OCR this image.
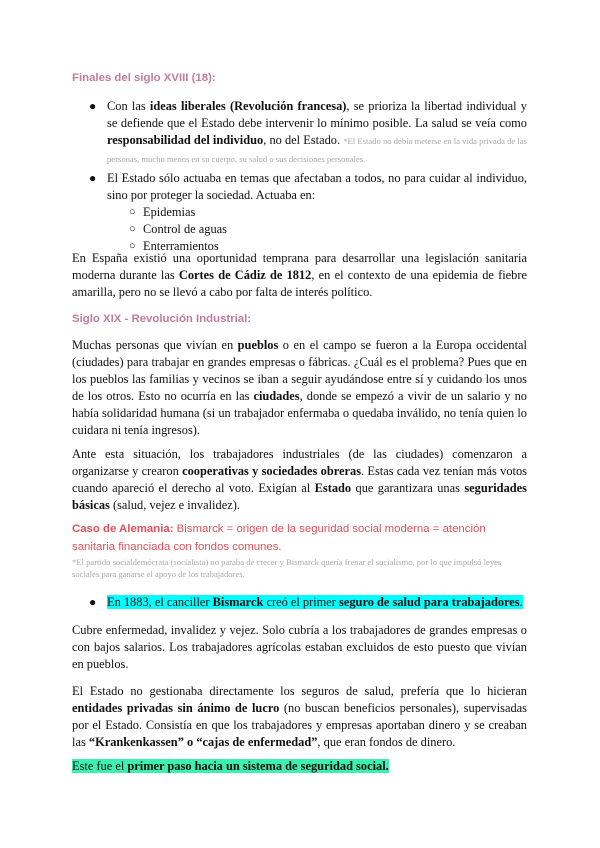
Finales del siglo XVIII (18):
● Con las ideas liberales (Revolución francesa), se prioriza la libertad individual y se defiende que el Estado debe intervenir lo mínimo posible. La salud se veía como responsabilidad del individuo, no del Estado. *El Estado no debía meterse en la vida privada de las personas, mucho menos en su cuerpo, su salud o sus decisiones personales.
● El Estado sólo actuaba en temas que afectaban a todos, no para cuidar al individuo, sino por proteger la sociedad. Actuaba en:
○ Epidemias
○ Control de aguas
○ Enterramientos
En España existió una oportunidad temprana para desarrollar una legislación sanitaria moderna durante las Cortes de Cádiz de 1812, en el contexto de una epidemia de fiebre amarilla, pero no se llevó a cabo por falta de interés político.
Siglo XIX - Revolución Industrial:
Muchas personas que vivían en pueblos o en el campo se fueron a la Europa occidental (ciudades) para trabajar en grandes empresas o fábricas. ¿Cuál es el problema? Pues que en los pueblos las familias y vecinos se iban a seguir ayudándose entre sí y cuidando los unos de los otros. Esto no ocurría en las ciudades, donde se empezó a vivir de un salario y no había solidaridad humana (si un trabajador enfermaba o quedaba inválido, no tenía quien lo cuidara ni tenía ingresos).
Ante esta situación, los trabajadores industriales (de las ciudades) comenzaron a organizarse y crearon cooperativas y sociedades obreras. Estas cada vez tenían más votos cuando apareció el derecho al voto. Exigían al Estado que garantizara unas seguridades básicas (salud, vejez e invalidez).
Caso de Alemania: Bismarck = origen de la seguridad social moderna = atención sanitaria financiada con fondos comunes.
*El partido socialdemócrata (socialista) no paraba de crecer y Bismarck quería frenar el socialismo, por lo que impulsó leyes sociales para ganarse el apoyo de los trabajadores.
● En 1883, el canciller Bismarck creó el primer seguro de salud para trabajadores.
Cubre enfermedad, invalidez y vejez. Solo cubría a los trabajadores de grandes empresas o con bajos salarios. Los trabajadores agrícolas estaban excluidos de esto puesto que vivían en pueblos.
El Estado no gestionaba directamente los seguros de salud, prefería que lo hicieran entidades privadas sin ánimo de lucro (no buscan beneficios personales), supervisadas por el Estado. Consistía en que los trabajadores y empresas aportaban dinero y se creaban las “Krankenkassen” o “cajas de enfermedad”, que eran fondos de dinero.
Este fue el primer paso hacia un sistema de seguridad social.
